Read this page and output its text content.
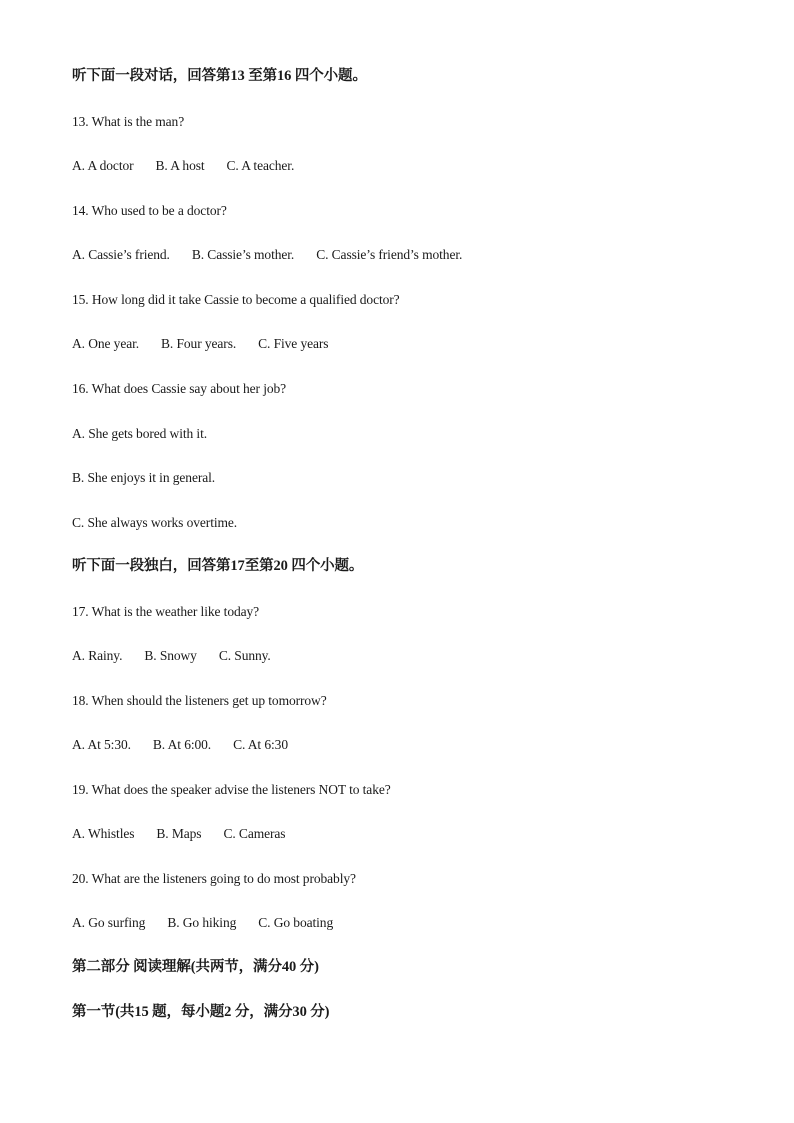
听下面一段对话，回答第13 至第16 四个小题。
13. What is the man?
A. A doctor B. A host C. A teacher.
14. Who used to be a doctor?
A. Cassie’s friend. B. Cassie’s mother. C. Cassie’s friend’s mother.
15. How long did it take Cassie to become a qualified doctor?
A. One year. B. Four years. C. Five years
16. What does Cassie say about her job?
A. She gets bored with it.
B. She enjoys it in general.
C. She always works overtime.
听下面一段独白，回答第17至第20 四个小题。
17. What is the weather like today?
A. Rainy. B. Snowy C. Sunny.
18. When should the listeners get up tomorrow?
A. At 5:30. B. At 6:00. C. At 6:30
19. What does the speaker advise the listeners NOT to take?
A. Whistles B. Maps C. Cameras
20. What are the listeners going to do most probably?
A. Go surfing B. Go hiking C. Go boating
第二部分 阅读理解(共两节，满分40 分)
第一节(共15 题，每小题2 分，满分30 分)
